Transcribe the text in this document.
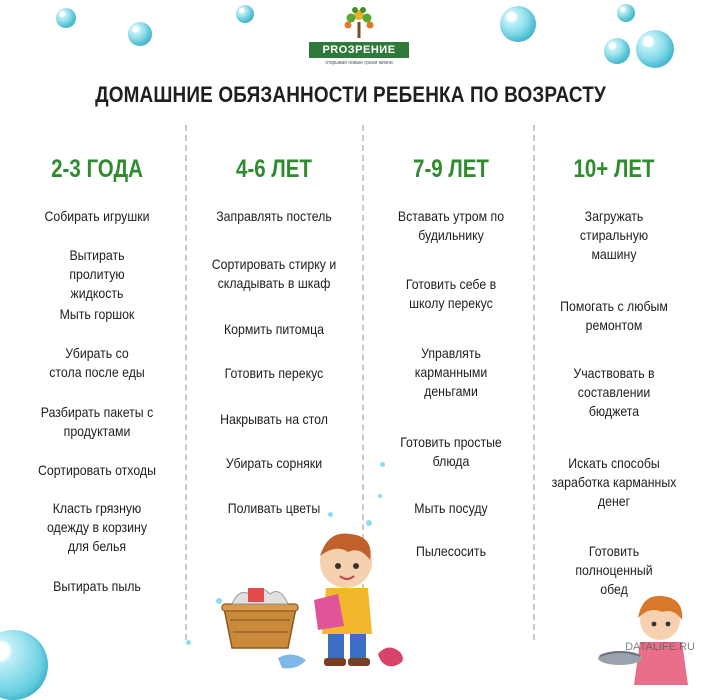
PROЗРЕНИЕ
открывая новые грани жизни
ДОМАШНИЕ ОБЯЗАННОСТИ РЕБЕНКА ПО ВОЗРАСТУ
2-3 ГОДА
Собирать игрушки
Вытирать пролитую жидкость
Мыть горшок
Убирать со стола после еды
Разбирать пакеты с продуктами
Сортировать отходы
Класть грязную одежду в корзину для белья
Вытирать пыль
4-6 ЛЕТ
Заправлять постель
Сортировать стирку и складывать в шкаф
Кормить питомца
Готовить перекус
Накрывать на стол
Убирать сорняки
Поливать цветы
7-9 ЛЕТ
Вставать утром по будильнику
Готовить себе в школу перекус
Управлять карманными деньгами
Готовить простые блюда
Мыть посуду
Пылесосить
10+ ЛЕТ
Загружать стиральную машину
Помогать с любым ремонтом
Участвовать в составлении бюджета
Искать способы заработка карманных денег
Готовить полноценный обед
DATALIFE.RU
